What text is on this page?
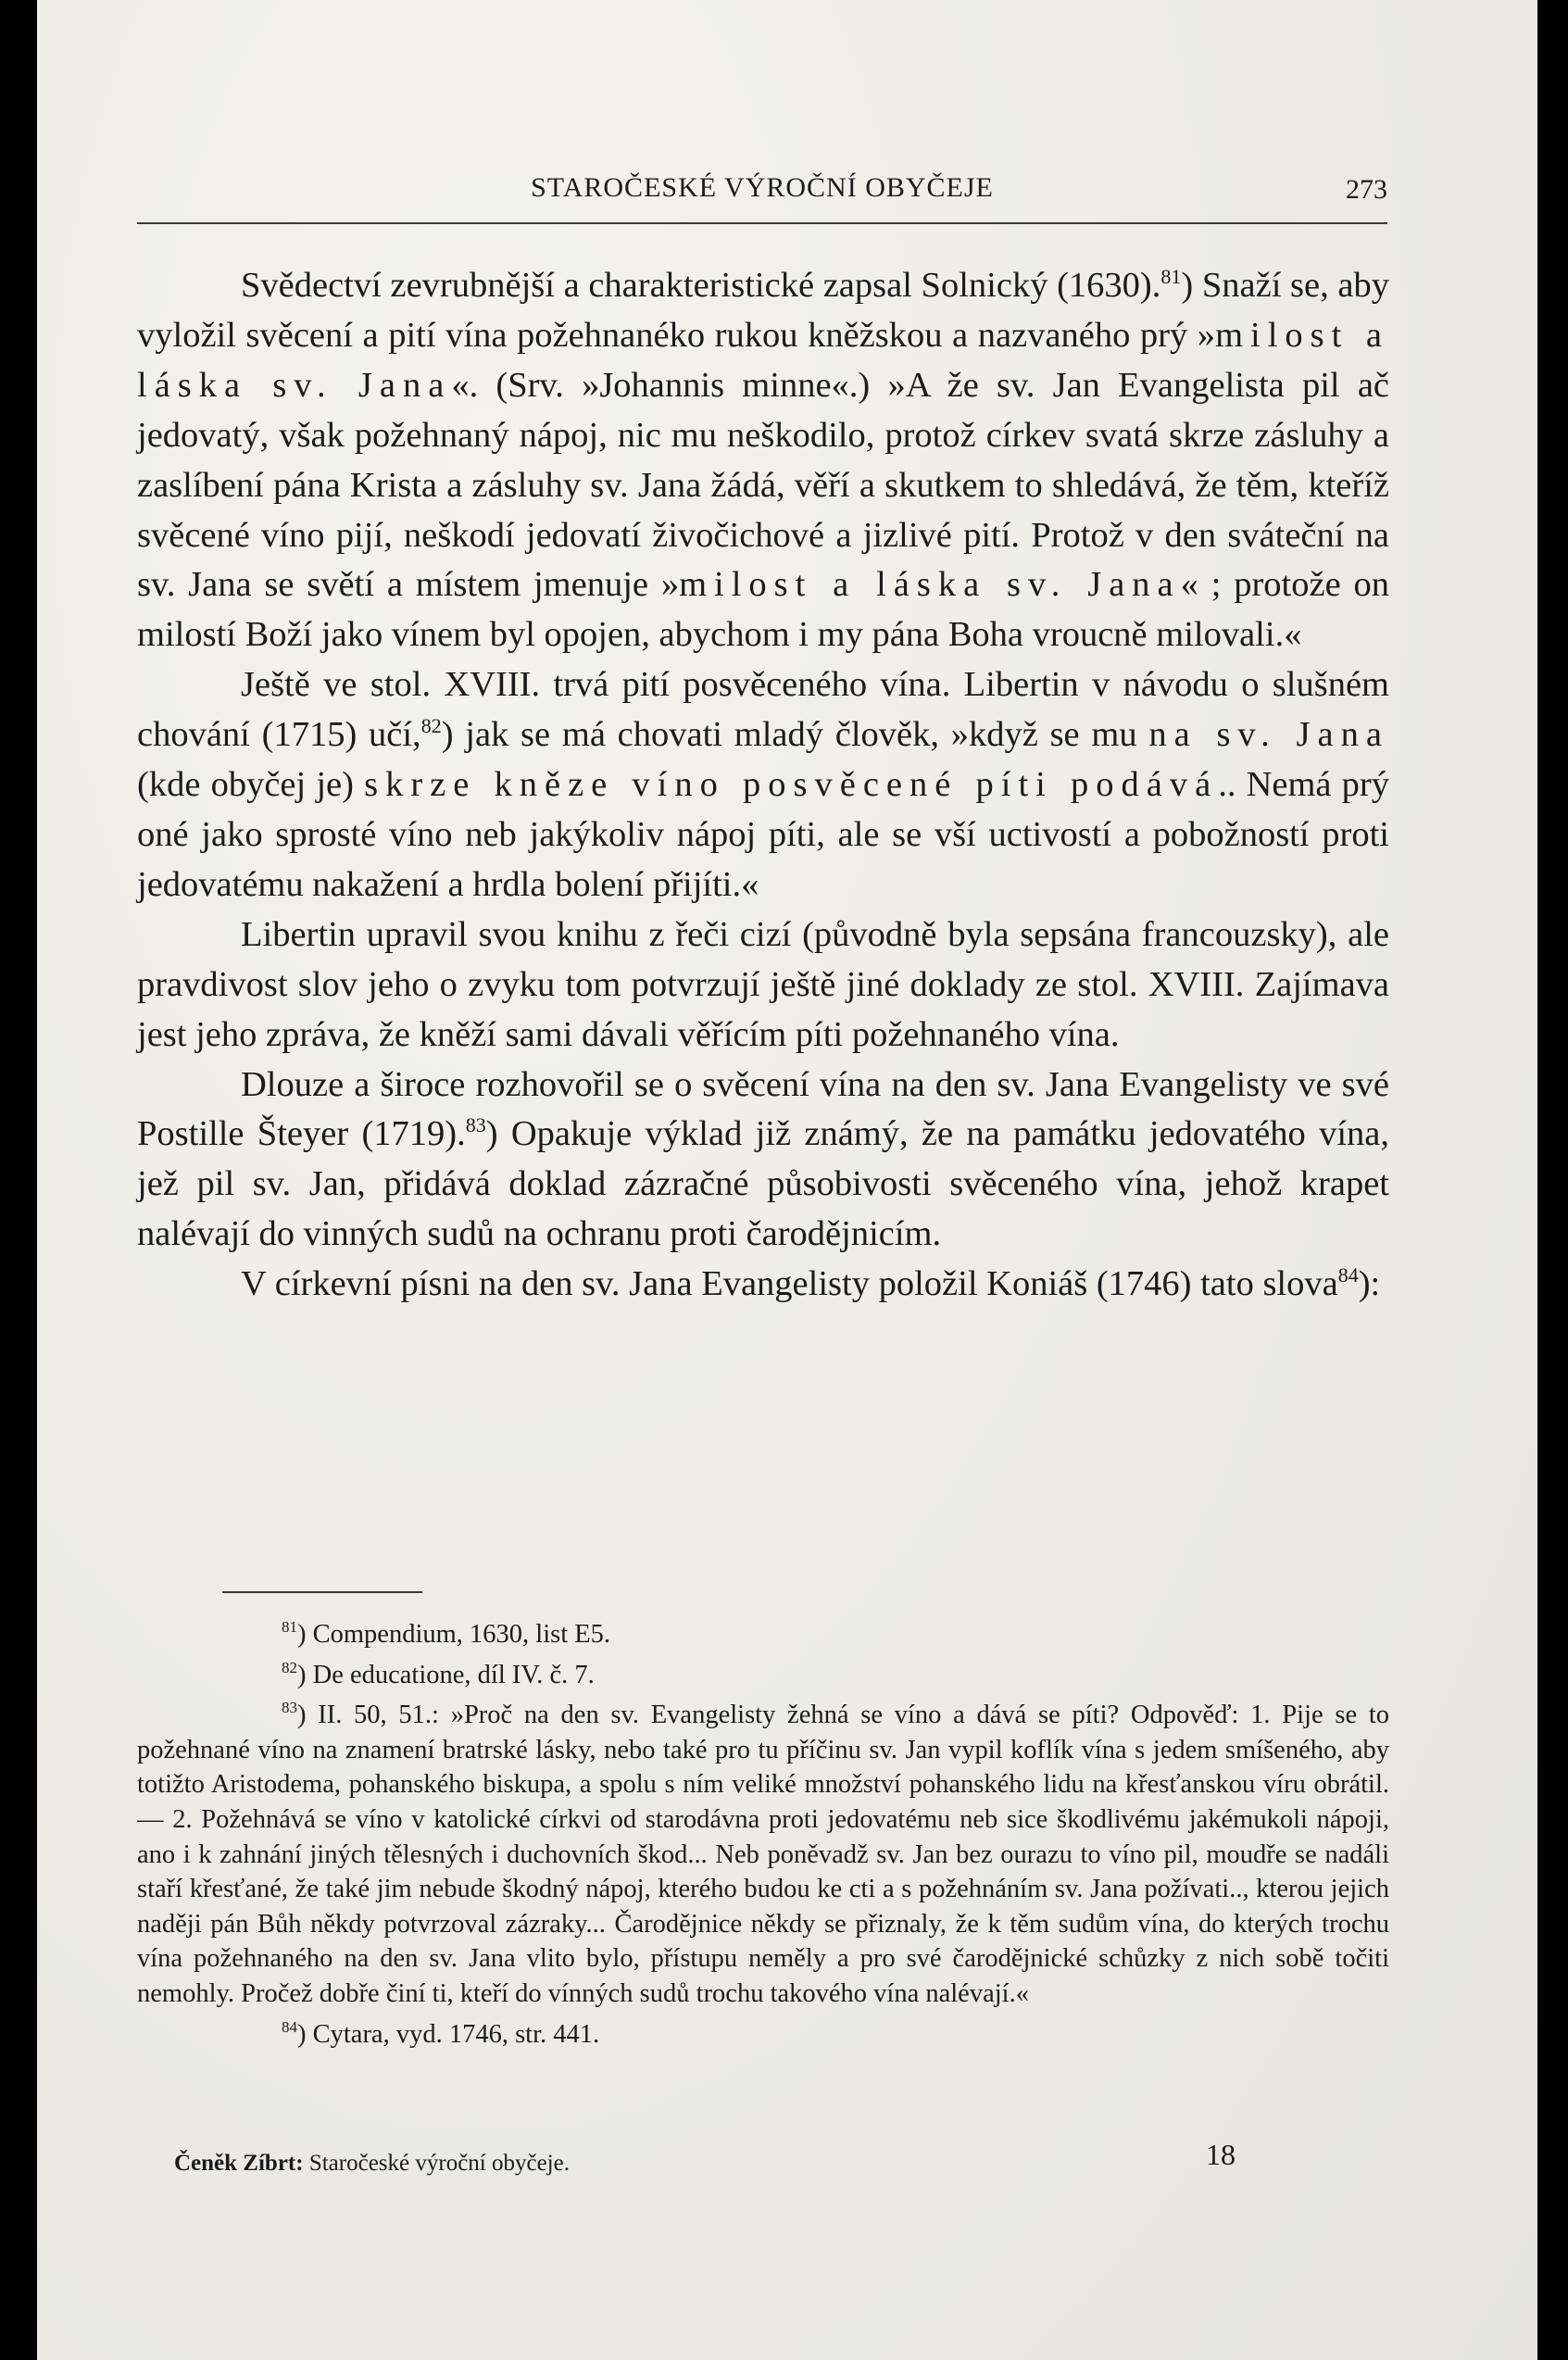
STAROČESKÉ VÝROČNÍ OBYČEJE	273

Svědectví zevrubnější a charakteristické zapsal Solnický (1630).$^{81}$) Snaží se, aby vyložil svěcení a pití vína požehnanéko rukou kněžskou a nazvaného prý »milost a láska sv. Jana«. (Srv. »Johannis minne«.) »A že sv. Jan Evangelista pil ač jedovatý, však požehnaný nápoj, nic mu neškodilo, protož církev svatá skrze zásluhy a zaslíbení pána Krista a zásluhy sv. Jana žádá, věří a skutkem to shledává, že těm, kteříž svěcené víno pijí, neškodí jedovatí živočichové a jizlivé pití. Protož v den sváteční na sv. Jana se světí a místem jmenuje »milost a láska sv. Jana« ; protože on milostí Boží jako vínem byl opojen, abychom i my pána Boha vroucně milovali.«

Ještě ve stol. XVIII. trvá pití posvěceného vína. Libertin v návodu o slušném chování (1715) učí,$^{82}$) jak se má chovati mladý člověk, »když se mu na sv. Jana (kde obyčej je) skrze kněze víno posvěcené píti podává.. Nemá prý oné jako sprosté víno neb jakýkoliv nápoj píti, ale se vší uctivostí a pobožností proti jedovatému nakažení a hrdla bolení přijíti.«

Libertin upravil svou knihu z řeči cizí (původně byla sepsána francouzsky), ale pravdivost slov jeho o zvyku tom potvrzují ještě jiné doklady ze stol. XVIII. Zajímava jest jeho zpráva, že kněží sami dávali věřícím píti požehnaného vína.

Dlouze a široce rozhovořil se o svěcení vína na den sv. Jana Evangelisty ve své Postille Šteyer (1719).$^{83}$) Opakuje výklad již známý, že na památku jedovatého vína, jež pil sv. Jan, přidává doklad zázračné působivosti svěceného vína, jehož krapet nalévají do vinných sudů na ochranu proti čarodějnicím.

V církevní písni na den sv. Jana Evangelisty položil Koniáš (1746) tato slova$^{84}$):

$^{81}$) Compendium, 1630, list E5.

$^{82}$) De educatione, díl IV. č. 7.

$^{83}$) II. 50, 51.: »Proč na den sv. Evangelisty žehná se víno a dává se píti? Odpověď: 1. Pije se to požehnané víno na znamení bratrské lásky, nebo také pro tu příčinu sv. Jan vypil koflík vína s jedem smíšeného, aby totižto Aristodema, pohanského biskupa, a spolu s ním veliké množství pohanského lidu na křesťanskou víru obrátil. — 2. Požehnává se víno v katolické církvi od starodávna proti jedovatému neb sice škodlivému jakémukoli nápoji, ano i k zahnání jiných tělesných i duchovních škod... Neb poněvadž sv. Jan bez ourazu to víno pil, moudře se nadáli staří křesťané, že také jim nebude škodný nápoj, kterého budou ke cti a s požehnáním sv. Jana požívati.., kterou jejich naději pán Bůh někdy potvrzoval zázraky... Čarodějnice někdy se přiznaly, že k těm sudům vína, do kterých trochu vína požehnaného na den sv. Jana vlito bylo, přístupu neměly a pro své čarodějnické schůzky z nich sobě točiti nemohly. Pročež dobře činí ti, kteří do vínných sudů trochu takového vína nalévají.«

$^{84}$) Cytara, vyd. 1746, str. 441.

Čeněk Zíbrt: Staročeské výroční obyčeje.	18
